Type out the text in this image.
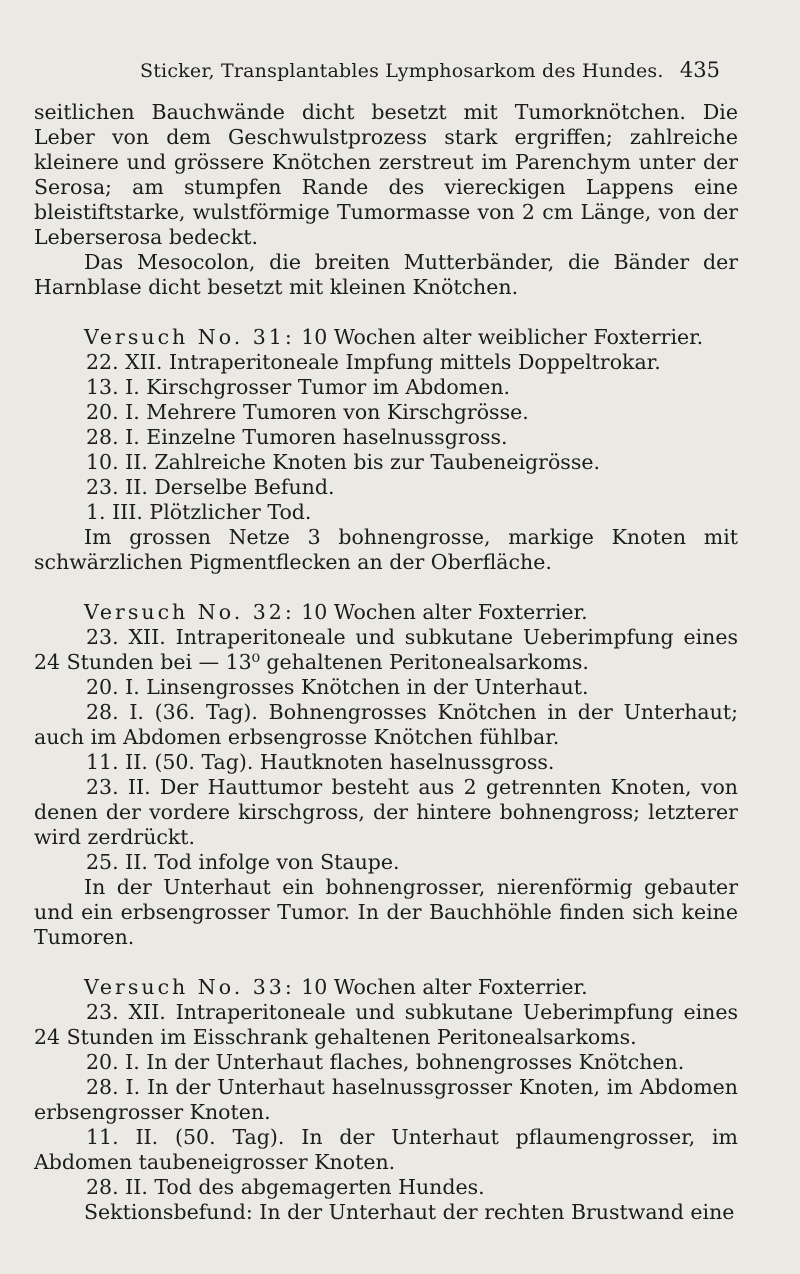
Sticker, Transplantables Lymphosarkom des Hundes. 435

seitlichen Bauchwände dicht besetzt mit Tumorknötchen. Die Leber von dem Geschwulstprozess stark ergriffen; zahlreiche kleinere und grössere Knötchen zerstreut im Parenchym unter der Serosa; am stumpfen Rande des viereckigen Lappens eine bleistiftstarke, wulstförmige Tumormasse von 2 cm Länge, von der Leberserosa bedeckt.

Das Mesocolon, die breiten Mutterbänder, die Bänder der Harnblase dicht besetzt mit kleinen Knötchen.

Versuch No. 31: 10 Wochen alter weiblicher Foxterrier.

22. XII. Intraperitoneale Impfung mittels Doppeltrokar.

13. I. Kirschgrosser Tumor im Abdomen.

20. I. Mehrere Tumoren von Kirschgrösse.

28. I. Einzelne Tumoren haselnussgross.

10. II. Zahlreiche Knoten bis zur Taubeneigrösse.

23. II. Derselbe Befund.

1. III. Plötzlicher Tod.

Im grossen Netze 3 bohnengrosse, markige Knoten mit schwärzlichen Pigmentflecken an der Oberfläche.

Versuch No. 32: 10 Wochen alter Foxterrier.

23. XII. Intraperitoneale und subkutane Ueberimpfung eines 24 Stunden bei — 13⁰ gehaltenen Peritonealsarkoms.

20. I. Linsengrosses Knötchen in der Unterhaut.

28. I. (36. Tag). Bohnengrosses Knötchen in der Unterhaut; auch im Abdomen erbsengrosse Knötchen fühlbar.

11. II. (50. Tag). Hautknoten haselnussgross.

23. II. Der Hauttumor besteht aus 2 getrennten Knoten, von denen der vordere kirschgross, der hintere bohnengross; letzterer wird zerdrückt.

25. II. Tod infolge von Staupe.

In der Unterhaut ein bohnengrosser, nierenförmig gebauter und ein erbsengrosser Tumor. In der Bauchhöhle finden sich keine Tumoren.

Versuch No. 33: 10 Wochen alter Foxterrier.

23. XII. Intraperitoneale und subkutane Ueberimpfung eines 24 Stunden im Eisschrank gehaltenen Peritonealsarkoms.

20. I. In der Unterhaut flaches, bohnengrosses Knötchen.

28. I. In der Unterhaut haselnussgrosser Knoten, im Abdomen erbsengrosser Knoten.

11. II. (50. Tag). In der Unterhaut pflaumengrosser, im Abdomen taubeneigrosser Knoten.

28. II. Tod des abgemagerten Hundes.

Sektionsbefund: In der Unterhaut der rechten Brustwand eine
